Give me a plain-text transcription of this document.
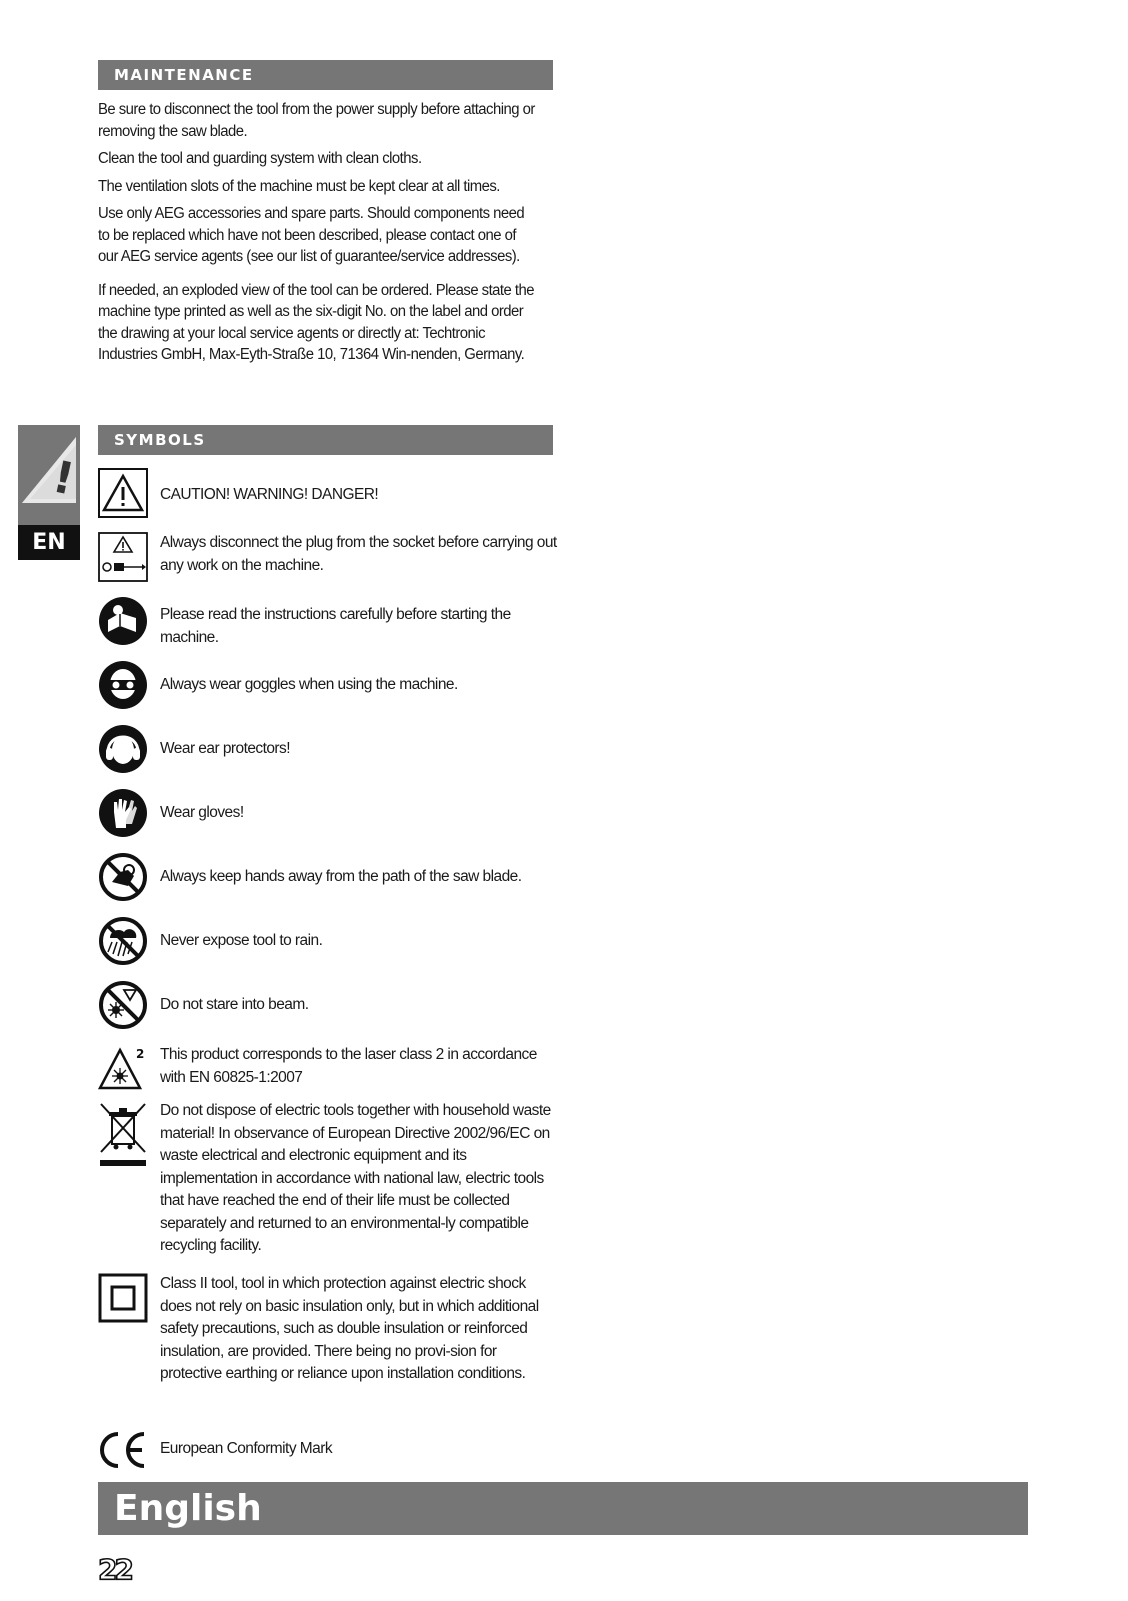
MAINTENANCE

Be sure to disconnect the tool from the power supply before attaching or removing the saw blade.

Clean the tool and guarding system with clean cloths.

The ventilation slots of the machine must be kept clear at all times.

Use only AEG accessories and spare parts. Should components need to be replaced which have not been described, please contact one of our AEG service agents (see our list of guarantee/service addresses).

If needed, an exploded view of the tool can be ordered. Please state the machine type printed as well as the six-digit No. on the label and order the drawing at your local service agents or directly at: Techtronic Industries GmbH, Max-Eyth-Straße 10, 71364 Win-nenden, Germany.

!
EN
SYMBOLS
CAUTION! WARNING! DANGER!
Always disconnect the plug from the socket before carrying out any work on the machine.
Please read the instructions carefully before starting the machine.
Always wear goggles when using the machine.
Wear ear protectors!
Wear gloves!
Always keep hands away from the path of the saw blade.
Never expose tool to rain.
Do not stare into beam.
2 This product corresponds to the laser class 2 in accordance with EN 60825-1:2007
Do not dispose of electric tools together with household waste material! In observance of European Directive 2002/96/EC on waste electrical and electronic equipment and its implementation in accordance with national law, electric tools that have reached the end of their life must be collected separately and returned to an environmental-ly compatible recycling facility.
Class II tool, tool in which protection against electric shock does not rely on basic insulation only, but in which additional safety precautions, such as double insulation or reinforced insulation, are provided. There being no provi-sion for protective earthing or reliance upon installation conditions.
European Conformity Mark
English
22
